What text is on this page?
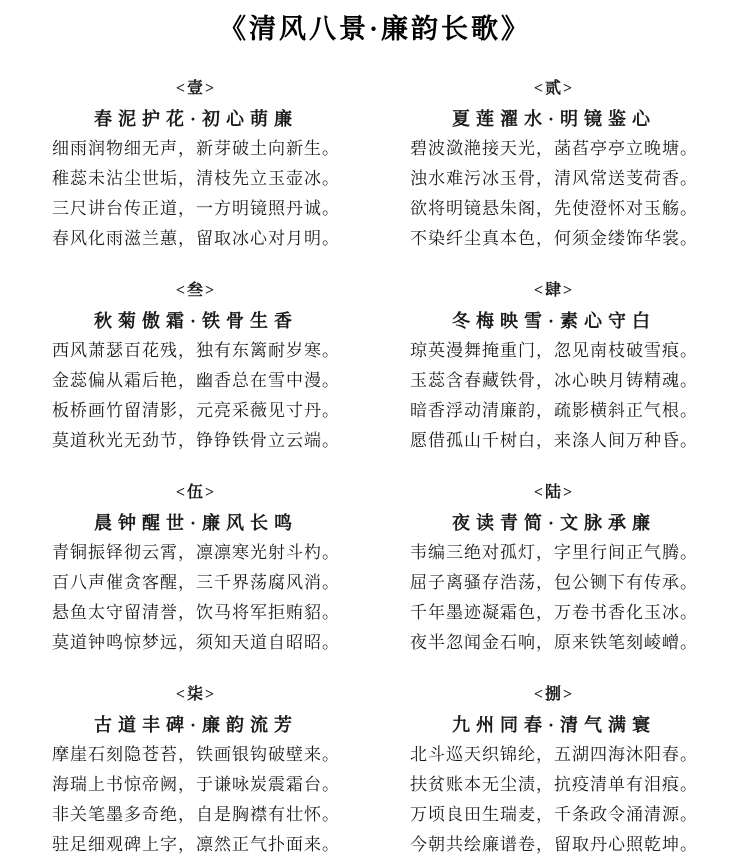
《清风八景·廉韵长歌》
<壹>
春泥护花·初心萌廉
细雨润物细无声，新芽破土向新生。
稚蕊未沾尘世垢，清枝先立玉壶冰。
三尺讲台传正道，一方明镜照丹诚。
春风化雨滋兰蕙，留取冰心对月明。
<贰>
夏莲濯水·明镜鉴心
碧波潋滟接天光，菡萏亭亭立晚塘。
浊水难污冰玉骨，清风常送芰荷香。
欲将明镜悬朱阁，先使澄怀对玉觞。
不染纤尘真本色，何须金缕饰华裳。
<叁>
秋菊傲霜·铁骨生香
西风萧瑟百花残，独有东篱耐岁寒。
金蕊偏从霜后艳，幽香总在雪中漫。
板桥画竹留清影，元亮采薇见寸丹。
莫道秋光无劲节，铮铮铁骨立云端。
<肆>
冬梅映雪·素心守白
琼英漫舞掩重门，忽见南枝破雪痕。
玉蕊含春藏铁骨，冰心映月铸精魂。
暗香浮动清廉韵，疏影横斜正气根。
愿借孤山千树白，来涤人间万种昏。
<伍>
晨钟醒世·廉风长鸣
青铜振铎彻云霄，凛凛寒光射斗杓。
百八声催贪客醒，三千界荡腐风消。
悬鱼太守留清誉，饮马将军拒贿貂。
莫道钟鸣惊梦远，须知天道自昭昭。
<陆>
夜读青简·文脉承廉
韦编三绝对孤灯，字里行间正气腾。
屈子离骚存浩荡，包公铡下有传承。
千年墨迹凝霜色，万卷书香化玉冰。
夜半忽闻金石响，原来铁笔刻崚嶒。
<柒>
古道丰碑·廉韵流芳
摩崖石刻隐苍苔，铁画银钩破壁来。
海瑞上书惊帝阙，于谦咏炭震霜台。
非关笔墨多奇绝，自是胸襟有壮怀。
驻足细观碑上字，凛然正气扑面来。
<捌>
九州同春·清气满寰
北斗巡天织锦纶，五湖四海沐阳春。
扶贫账本无尘渍，抗疫清单有泪痕。
万顷良田生瑞麦，千条政令涌清源。
今朝共绘廉谱卷，留取丹心照乾坤。
